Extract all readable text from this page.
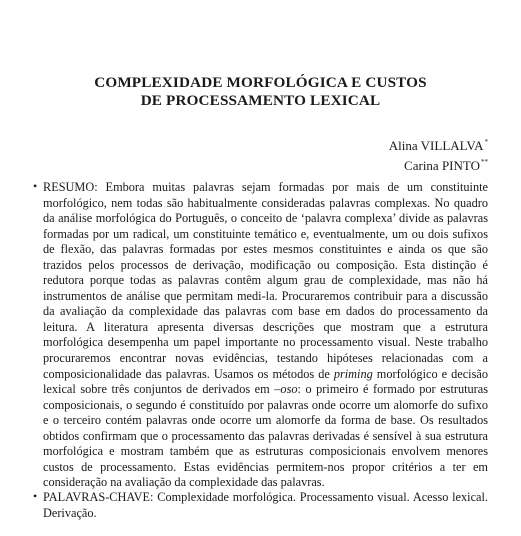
COMPLEXIDADE MORFOLÓGICA E CUSTOS
DE PROCESSAMENTO LEXICAL
Alina VILLALVA*
Carina PINTO**
• RESUMO: Embora muitas palavras sejam formadas por mais de um constituinte morfológico, nem todas são habitualmente consideradas palavras complexas. No quadro da análise morfológica do Português, o conceito de ‘palavra complexa’ divide as palavras formadas por um radical, um constituinte temático e, eventualmente, um ou dois sufixos de flexão, das palavras formadas por estes mesmos constituintes e ainda os que são trazidos pelos processos de derivação, modificação ou composição. Esta distinção é redutora porque todas as palavras contêm algum grau de complexidade, mas não há instrumentos de análise que permitam medi-la. Procuraremos contribuir para a discussão da avaliação da complexidade das palavras com base em dados do processamento da leitura. A literatura apresenta diversas descrições que mostram que a estrutura morfológica desempenha um papel importante no processamento visual. Neste trabalho procuraremos encontrar novas evidências, testando hipóteses relacionadas com a composicionalidade das palavras. Usamos os métodos de priming morfológico e decisão lexical sobre três conjuntos de derivados em –oso: o primeiro é formado por estruturas composicionais, o segundo é constituído por palavras onde ocorre um alomorfe do sufixo e o terceiro contém palavras onde ocorre um alomorfe da forma de base. Os resultados obtidos confirmam que o processamento das palavras derivadas é sensível à sua estrutura morfológica e mostram também que as estruturas composicionais envolvem menores custos de processamento. Estas evidências permitem-nos propor critérios a ter em consideração na avaliação da complexidade das palavras.
• PALAVRAS-CHAVE: Complexidade morfológica. Processamento visual. Acesso lexical. Derivação.
